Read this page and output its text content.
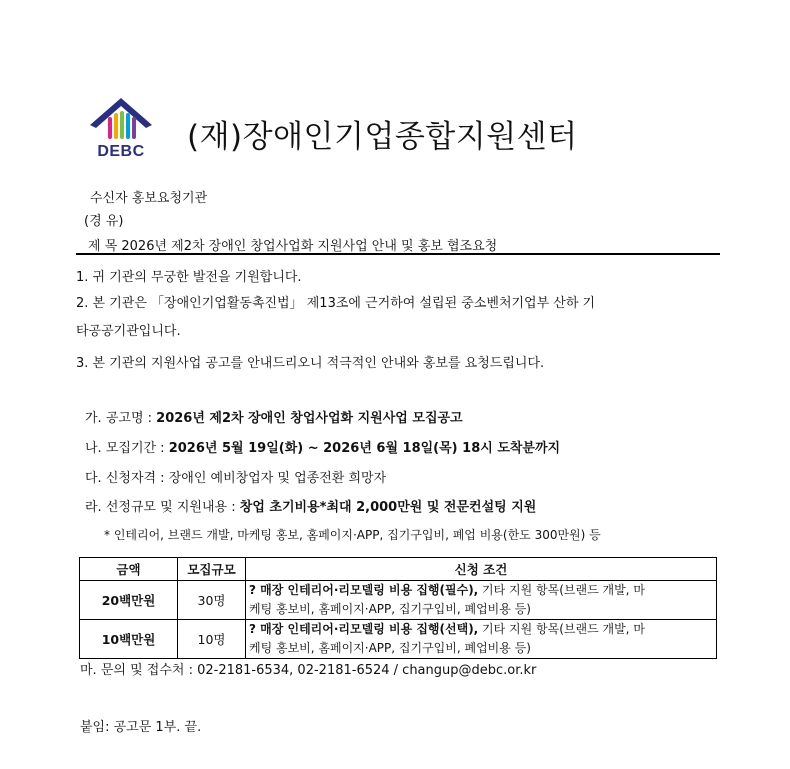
DEBC	(재)장애인기업종합지원센터
수신자 홍보요청기관
(경 유)
제 목 2026년 제2차 장애인 창업사업화 지원사업 안내 및 홍보 협조요청
1. 귀 기관의 무궁한 발전을 기원합니다.
2. 본 기관은 「장애인기업활동촉진법」 제13조에 근거하여 설립된 중소벤처기업부 산하 기
타공공기관입니다.
3. 본 기관의 지원사업 공고를 안내드리오니 적극적인 안내와 홍보를 요청드립니다.
가. 공고명 : 2026년 제2차 장애인 창업사업화 지원사업 모집공고
나. 모집기간 : 2026년 5월 19일(화) ~ 2026년 6월 18일(목) 18시 도착분까지
다. 신청자격 : 장애인 예비창업자 및 업종전환 희망자
라. 선정규모 및 지원내용 : 창업 초기비용*최대 2,000만원 및 전문컨설팅 지원
* 인테리어, 브랜드 개발, 마케팅 홍보, 홈페이지·APP, 집기구입비, 폐업 비용(한도 300만원) 등
금액	모집규모	신청 조건
20백만원	30명	? 매장 인테리어·리모델링 비용 집행(필수), 기타 지원 항목(브랜드 개발, 마
케팅 홍보비, 홈페이지·APP, 집기구입비, 폐업비용 등)
10백만원	10명	? 매장 인테리어·리모델링 비용 집행(선택), 기타 지원 항목(브랜드 개발, 마
케팅 홍보비, 홈페이지·APP, 집기구입비, 폐업비용 등)
마. 문의 및 접수처 : 02-2181-6534, 02-2181-6524 / changup@debc.or.kr
붙임: 공고문 1부. 끝.
